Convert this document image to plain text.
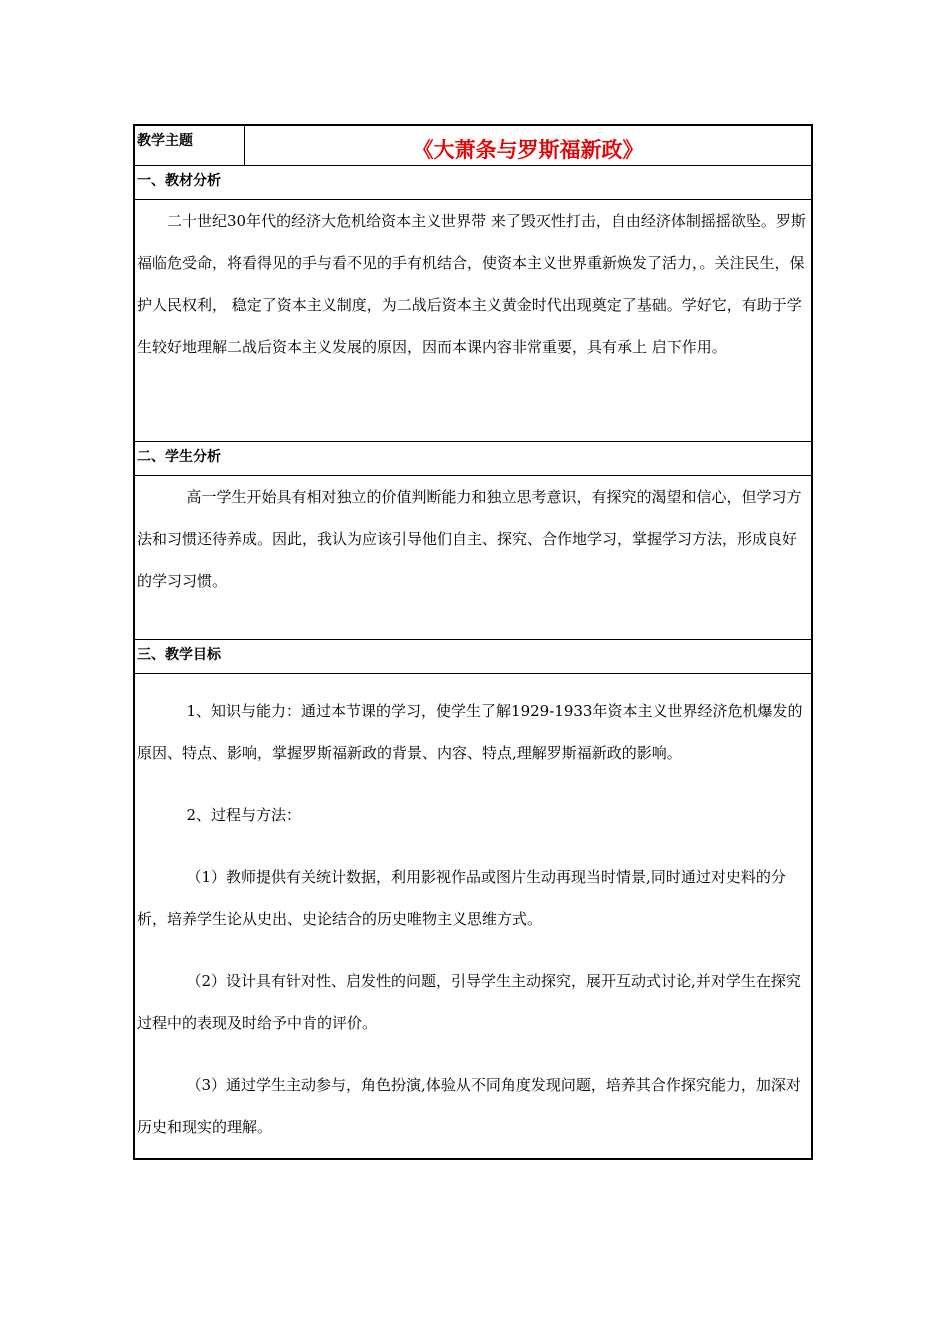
教学主题	《大萧条与罗斯福新政》
一、教材分析

二十世纪30年代的经济大危机给资本主义世界带 来了毁灭性打击，自由经济体制摇摇欲坠。罗斯福临危受命，将看得见的手与看不见的手有机结合，使资本主义世界重新焕发了活力，。关注民生，保护人民权利， 稳定了资本主义制度，为二战后资本主义黄金时代出现奠定了基础。学好它，有助于学生较好地理解二战后资本主义发展的原因，因而本课内容非常重要，具有承上 启下作用。

二、学生分析

高一学生开始具有相对独立的价值判断能力和独立思考意识，有探究的渴望和信心，但学习方法和习惯还待养成。因此，我认为应该引导他们自主、探究、合作地学习，掌握学习方法，形成良好的学习习惯。

三、教学目标

1、知识与能力：通过本节课的学习，使学生了解1929-1933年资本主义世界经济危机爆发的原因、特点、影响，掌握罗斯福新政的背景、内容、特点,理解罗斯福新政的影响。

2、过程与方法：

（1）教师提供有关统计数据，利用影视作品或图片生动再现当时情景,同时通过对史料的分析，培养学生论从史出、史论结合的历史唯物主义思维方式。

（2）设计具有针对性、启发性的问题，引导学生主动探究，展开互动式讨论,并对学生在探究过程中的表现及时给予中肯的评价。

（3）通过学生主动参与，角色扮演,体验从不同角度发现问题，培养其合作探究能力，加深对历史和现实的理解。
